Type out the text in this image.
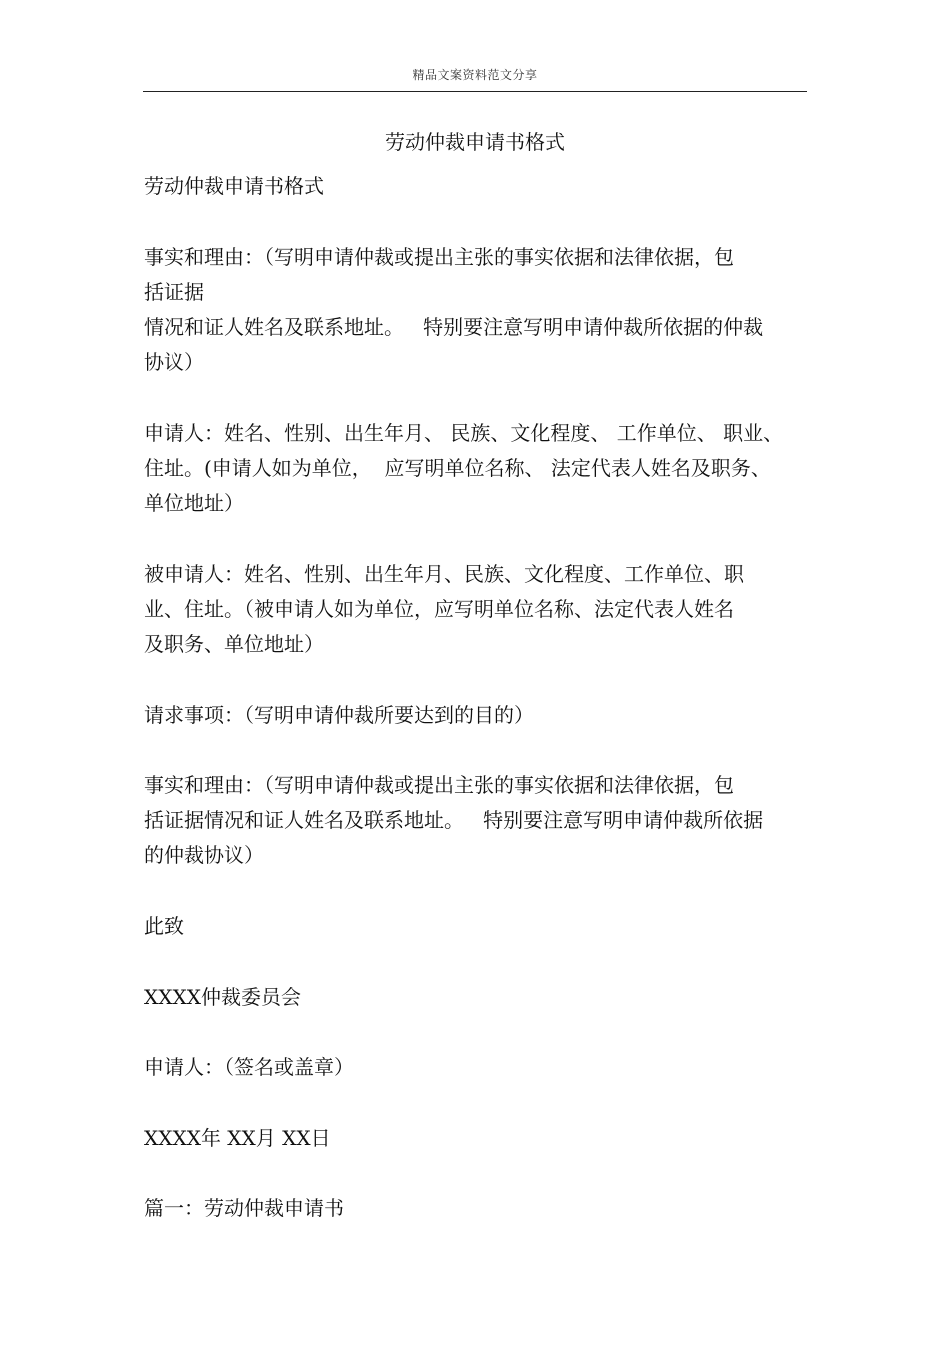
精品文案资料范文分享
劳动仲裁申请书格式
劳动仲裁申请书格式
事实和理由：（写明申请仲裁或提出主张的事实依据和法律依据，包
括证据
情况和证人姓名及联系地址。   特别要注意写明申请仲裁所依据的仲裁
协议）
申请人：姓名、性别、出生年月、 民族、文化程度、 工作单位、 职业、
住址。(申请人如为单位，  应写明单位名称、 法定代表人姓名及职务、
单位地址）
被申请人：姓名、性别、出生年月、民族、文化程度、工作单位、职
业、住址。（被申请人如为单位，应写明单位名称、法定代表人姓名
及职务、单位地址）
请求事项：（写明申请仲裁所要达到的目的）
事实和理由：（写明申请仲裁或提出主张的事实依据和法律依据，包
括证据情况和证人姓名及联系地址。   特别要注意写明申请仲裁所依据
的仲裁协议）
此致
XXXX仲裁委员会
申请人：（签名或盖章）
XXXX年 XX月 XX日
篇一：劳动仲裁申请书
